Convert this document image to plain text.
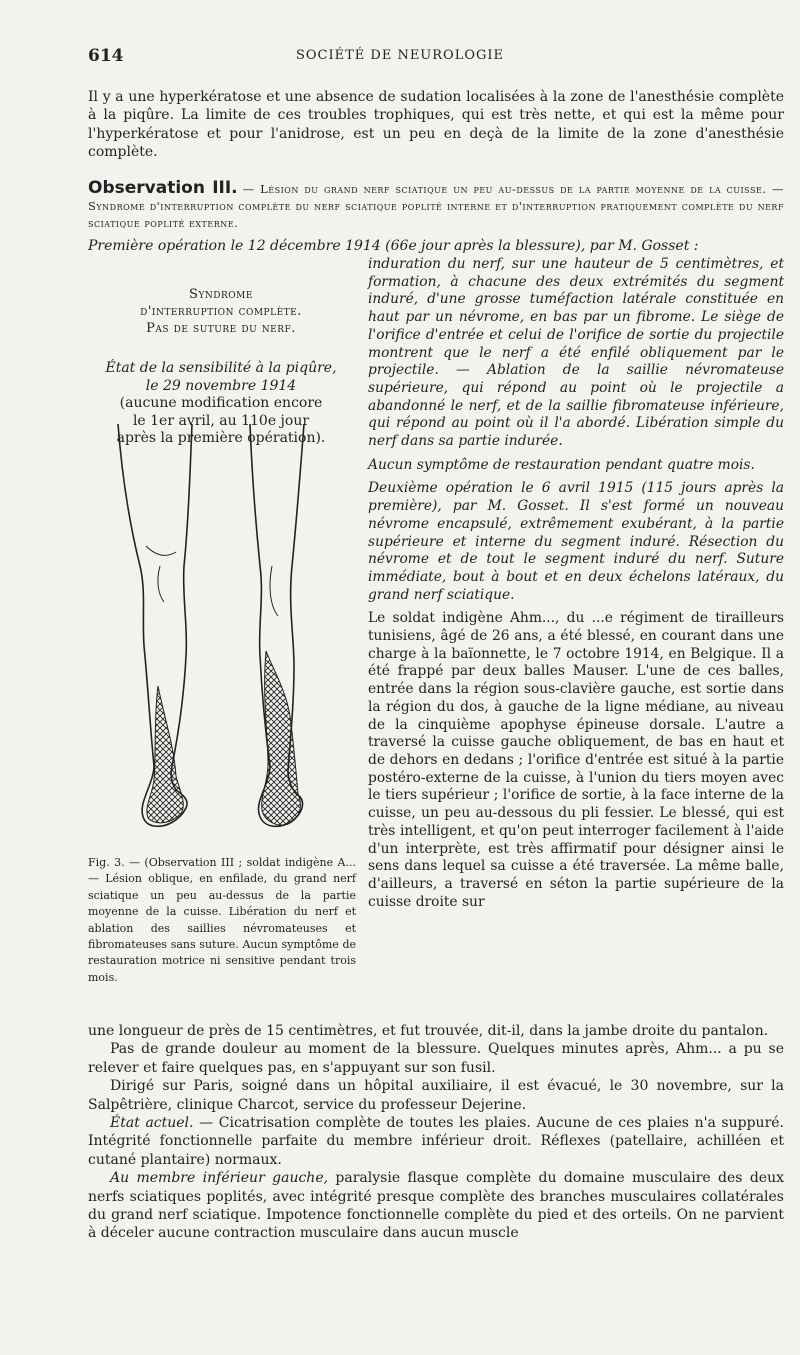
614	SOCIÉTÉ DE NEUROLOGIE

Il y a une hyperkératose et une absence de sudation localisées à la zone de l'anesthésie complète à la piqûre. La limite de ces troubles trophiques, qui est très nette, et qui est la même pour l'hyperkératose et pour l'anidrose, est un peu en deçà de la limite de la zone d'anesthésie complète.

Observation III. — Lésion du grand nerf sciatique un peu au-dessus de la partie moyenne de la cuisse. — Syndrome d'interruption complète du nerf sciatique poplité interne et d'interruption pratiquement complète du nerf sciatique poplité externe.

Première opération le 12 décembre 1914 (66e jour après la blessure), par M. Gosset :

Syndrome
d'interruption complète.
Pas de suture du nerf.
État de la sensibilité à la piqûre,
le 29 novembre 1914
(aucune modification encore
le 1er avril, au 110e jour
après la première opération).

Fig. 3. — (Observation III ; soldat indigène A... — Lésion oblique, en enfilade, du grand nerf sciatique un peu au-dessus de la partie moyenne de la cuisse. Libération du nerf et ablation des saillies névromateuses et fibromateuses sans suture. Aucun symptôme de restauration motrice ni sensitive pendant trois mois.

induration du nerf, sur une hauteur de 5 centimètres, et formation, à chacune des deux extrémités du segment induré, d'une grosse tuméfaction latérale constituée en haut par un névrome, en bas par un fibrome. Le siège de l'orifice d'entrée et celui de l'orifice de sortie du projectile montrent que le nerf a été enfilé obliquement par le projectile. — Ablation de la saillie névromateuse supérieure, qui répond au point où le projectile a abandonné le nerf, et de la saillie fibromateuse inférieure, qui répond au point où il l'a abordé. Libération simple du nerf dans sa partie indurée.

Aucun symptôme de restauration pendant quatre mois.

Deuxième opération le 6 avril 1915 (115 jours après la première), par M. Gosset. Il s'est formé un nouveau névrome encapsulé, extrêmement exubérant, à la partie supérieure et interne du segment induré. Résection du névrome et de tout le segment induré du nerf. Suture immédiate, bout à bout et en deux échelons latéraux, du grand nerf sciatique.

Le soldat indigène Ahm..., du ...e régiment de tirailleurs tunisiens, âgé de 26 ans, a été blessé, en courant dans une charge à la baïonnette, le 7 octobre 1914, en Belgique. Il a été frappé par deux balles Mauser. L'une de ces balles, entrée dans la région sous-clavière gauche, est sortie dans la région du dos, à gauche de la ligne médiane, au niveau de la cinquième apophyse épineuse dorsale. L'autre a traversé la cuisse gauche obliquement, de bas en haut et de dehors en dedans ; l'orifice d'entrée est situé à la partie postéro-externe de la cuisse, à l'union du tiers moyen avec le tiers supérieur ; l'orifice de sortie, à la face interne de la cuisse, un peu au-dessous du pli fessier. Le blessé, qui est très intelligent, et qu'on peut interroger facilement à l'aide d'un interprète, est très affirmatif pour désigner ainsi le sens dans lequel sa cuisse a été traversée. La même balle, d'ailleurs, a traversé en séton la partie supérieure de la cuisse droite sur

une longueur de près de 15 centimètres, et fut trouvée, dit-il, dans la jambe droite du pantalon.

Pas de grande douleur au moment de la blessure. Quelques minutes après, Ahm... a pu se relever et faire quelques pas, en s'appuyant sur son fusil.

Dirigé sur Paris, soigné dans un hôpital auxiliaire, il est évacué, le 30 novembre, sur la Salpêtrière, clinique Charcot, service du professeur Dejerine.

État actuel. — Cicatrisation complète de toutes les plaies. Aucune de ces plaies n'a suppuré. Intégrité fonctionnelle parfaite du membre inférieur droit. Réflexes (patellaire, achilléen et cutané plantaire) normaux.

Au membre inférieur gauche, paralysie flasque complète du domaine musculaire des deux nerfs sciatiques poplités, avec intégrité presque complète des branches musculaires collatérales du grand nerf sciatique. Impotence fonctionnelle complète du pied et des orteils. On ne parvient à déceler aucune contraction musculaire dans aucun muscle
